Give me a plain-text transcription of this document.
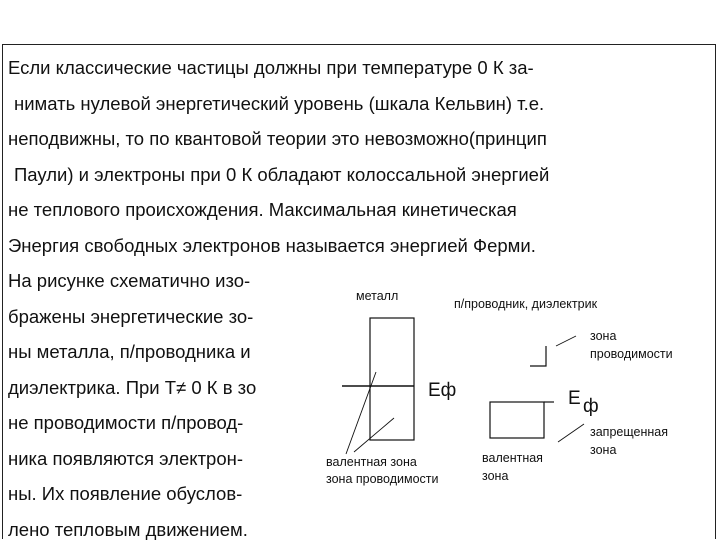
Если классические частицы должны при температуре 0 К за-
нимать нулевой энергетический уровень (шкала Кельвин) т.е.
неподвижны, то по квантовой теории это невозможно(принцип
Паули) и электроны при 0 К обладают колоссальной энергией
не теплового происхождения. Максимальная кинетическая
Энергия свободных электронов называется энергией Ферми.
На рисунке схематично изо-
бражены энергетические зо-
ны металла, п/проводника и
диэлектрика. При Т≠ 0 К в зо
не проводимости п/провод-
ника появляются электрон-
ны. Их появление обуслов-
лено тепловым движением.
металл
п/проводник, диэлектрик
Eф
валентная зона
зона проводимости
зона
проводимости
Е ф
запрещенная
зона
валентная
зона
